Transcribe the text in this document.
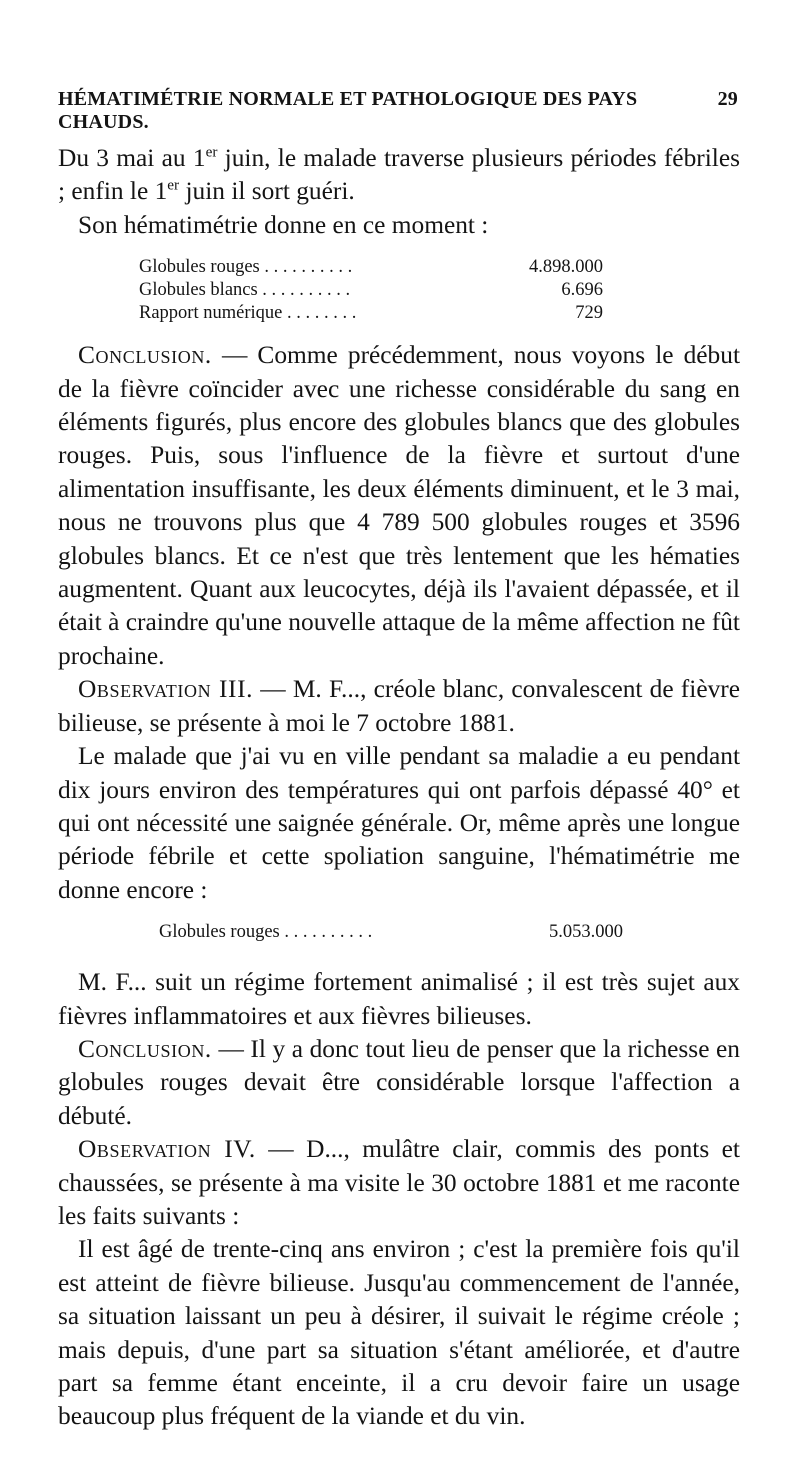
HÉMATIMÉTRIE NORMALE ET PATHOLOGIQUE DES PAYS CHAUDS.
29

Du 3 mai au 1er juin, le malade traverse plusieurs périodes fébriles ; enfin le 1er juin il sort guéri.

Son hématimétrie donne en ce moment :

Globules rouges . . . . . . . . . .	4.898.000
Globules blancs . . . . . . . . . .	6.696
Rapport numérique . . . . . . . .	729

Conclusion. — Comme précédemment, nous voyons le début de la fièvre coïncider avec une richesse considérable du sang en éléments figurés, plus encore des globules blancs que des globules rouges. Puis, sous l'influence de la fièvre et surtout d'une alimentation insuffisante, les deux éléments diminuent, et le 3 mai, nous ne trouvons plus que 4 789 500 globules rouges et 3596 globules blancs. Et ce n'est que très lentement que les hématies augmentent. Quant aux leucocytes, déjà ils l'avaient dépassée, et il était à craindre qu'une nouvelle attaque de la même affection ne fût prochaine.

Observation III. — M. F..., créole blanc, convalescent de fièvre bilieuse, se présente à moi le 7 octobre 1881.

Le malade que j'ai vu en ville pendant sa maladie a eu pendant dix jours environ des températures qui ont parfois dépassé 40° et qui ont nécessité une saignée générale. Or, même après une longue période fébrile et cette spoliation sanguine, l'hématimétrie me donne encore :

Globules rouges . . . . . . . . . .	5.053.000

M. F... suit un régime fortement animalisé ; il est très sujet aux fièvres inflammatoires et aux fièvres bilieuses.

Conclusion. — Il y a donc tout lieu de penser que la richesse en globules rouges devait être considérable lorsque l'affection a débuté.

Observation IV. — D..., mulâtre clair, commis des ponts et chaussées, se présente à ma visite le 30 octobre 1881 et me raconte les faits suivants :

Il est âgé de trente-cinq ans environ ; c'est la première fois qu'il est atteint de fièvre bilieuse. Jusqu'au commencement de l'année, sa situation laissant un peu à désirer, il suivait le régime créole ; mais depuis, d'une part sa situation s'étant améliorée, et d'autre part sa femme étant enceinte, il a cru devoir faire un usage beaucoup plus fréquent de la viande et du vin.
